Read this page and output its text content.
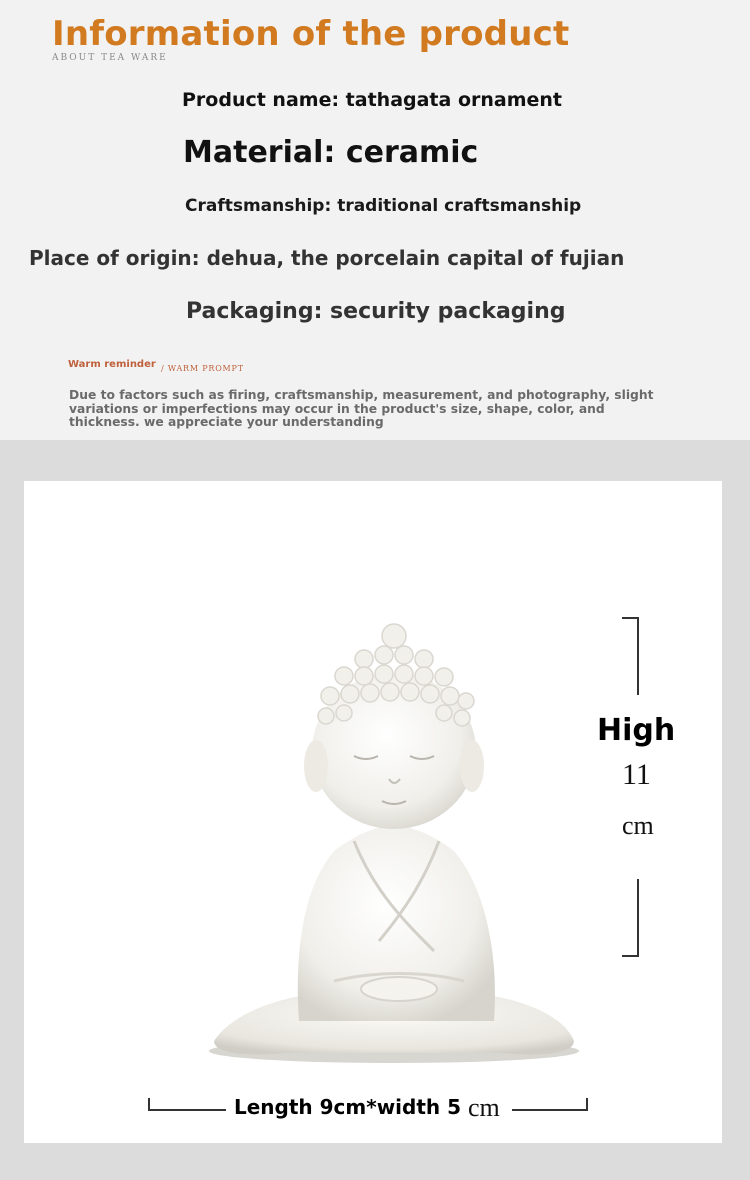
Information of the product
ABOUT TEA WARE
Product name: tathagata ornament
Material: ceramic
Craftsmanship: traditional craftsmanship
Place of origin: dehua, the porcelain capital of fujian
Packaging: security packaging
Warm reminder / WARM PROMPT
Due to factors such as firing, craftsmanship, measurement, and photography, slight variations or imperfections may occur in the product's size, shape, color, and thickness. we appreciate your understanding
High
11
cm
Length 9cm*width 5 cm
